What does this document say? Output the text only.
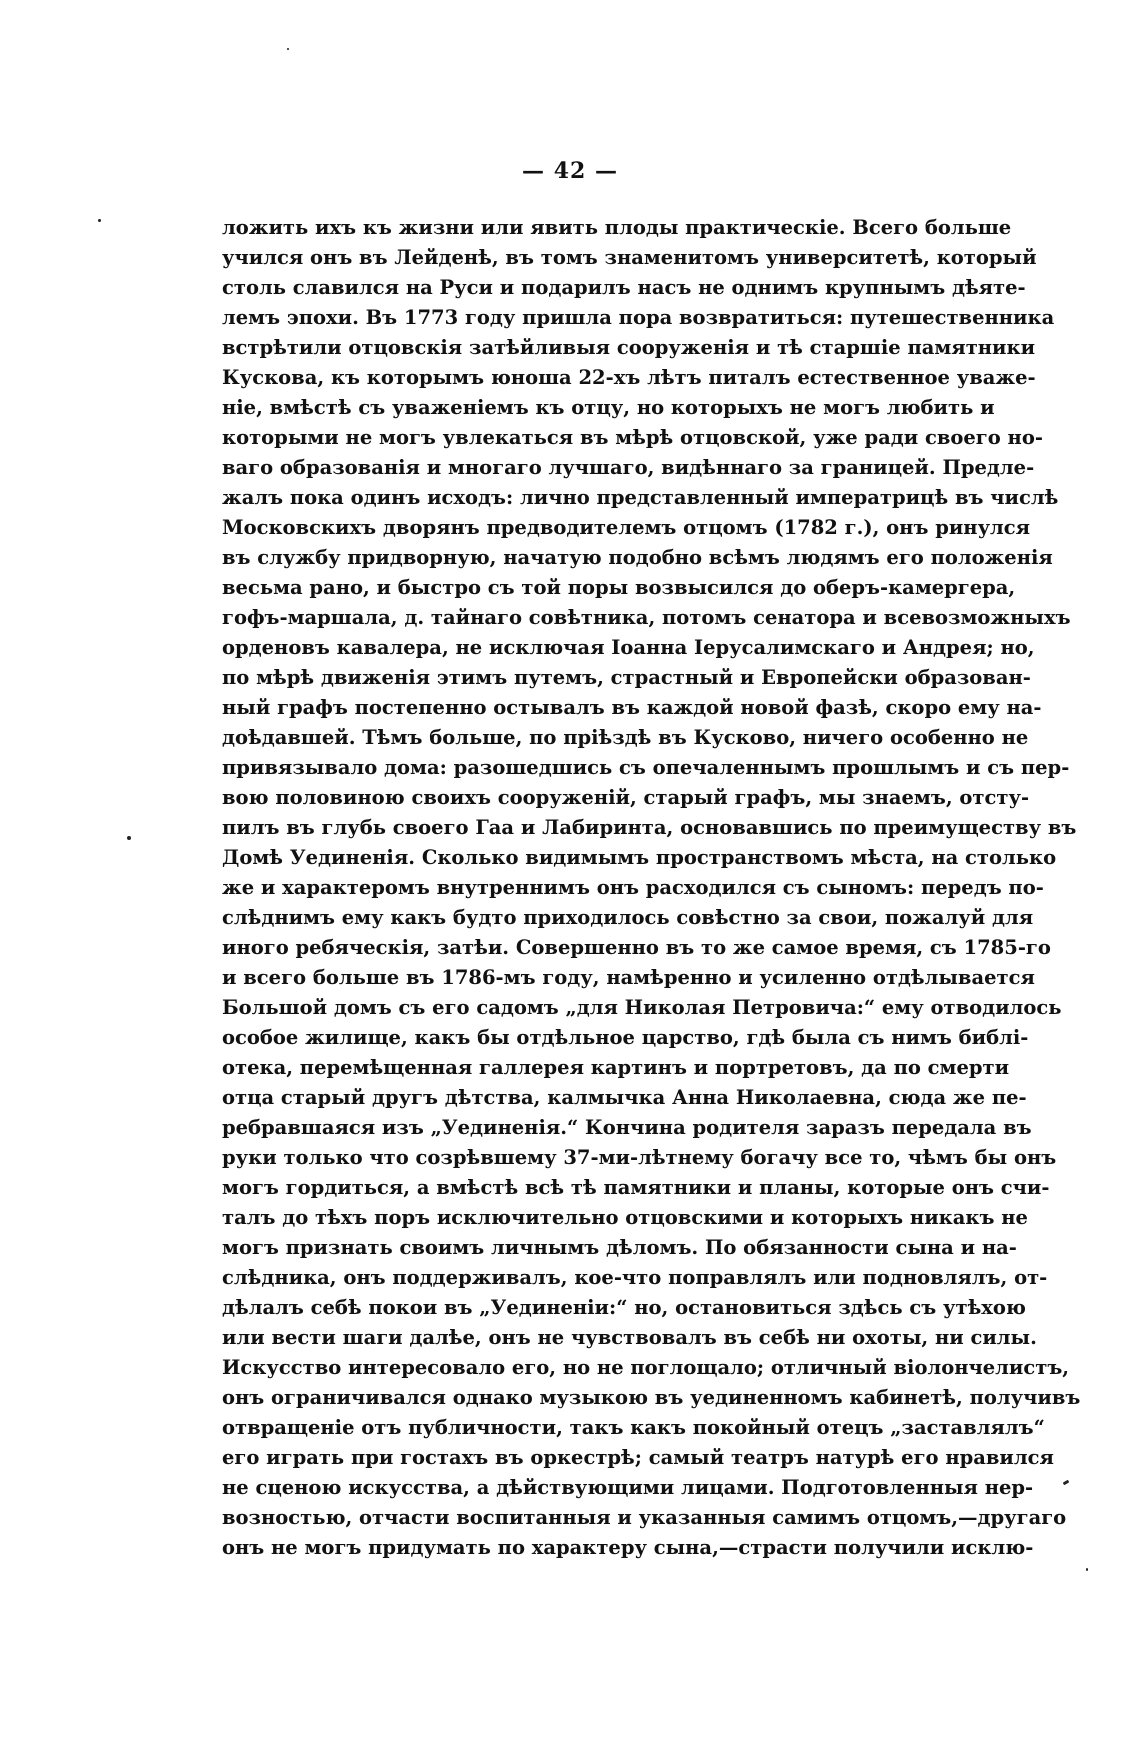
— 42 —
ложить ихъ къ жизни или явить плоды практическіе. Всего больше
учился онъ въ Лейденѣ, въ томъ знаменитомъ университетѣ, который
столь славился на Руси и подарилъ насъ не однимъ крупнымъ дѣяте-
лемъ эпохи. Въ 1773 году пришла пора возвратиться: путешественника
встрѣтили отцовскія затѣйливыя сооруженія и тѣ старшіе памятники
Кускова, къ которымъ юноша 22-хъ лѣтъ питалъ естественное уваже-
ніе, вмѣстѣ съ уваженіемъ къ отцу, но которыхъ не могъ любить и
которыми не могъ увлекаться въ мѣрѣ отцовской, уже ради своего но-
ваго образованія и многаго лучшаго, видѣннаго за границей. Предле-
жалъ пока одинъ исходъ: лично представленный императрицѣ въ числѣ
Московскихъ дворянъ предводителемъ отцомъ (1782 г.), онъ ринулся
въ службу придворную, начатую подобно всѣмъ людямъ его положенія
весьма рано, и быстро съ той поры возвысился до оберъ-камергера,
гофъ-маршала, д. тайнаго совѣтника, потомъ сенатора и всевозможныхъ
орденовъ кавалера, не исключая Іоанна Іерусалимскаго и Андрея; но,
по мѣрѣ движенія этимъ путемъ, страстный и Европейски образован-
ный графъ постепенно остывалъ въ каждой новой фазѣ, скоро ему на-
доѣдавшей. Тѣмъ больше, по пріѣздѣ въ Кусково, ничего особенно не
привязывало дома: разошедшись съ опечаленнымъ прошлымъ и съ пер-
вою половиною своихъ сооруженій, старый графъ, мы знаемъ, отсту-
пилъ въ глубь своего Гаа и Лабиринта, основавшись по преимуществу въ
Домѣ Уединенія. Сколько видимымъ пространствомъ мѣста, на столько
же и характеромъ внутреннимъ онъ расходился съ сыномъ: передъ по-
слѣднимъ ему какъ будто приходилось совѣстно за свои, пожалуй для
иного ребяческія, затѣи. Совершенно въ то же самое время, съ 1785-го
и всего больше въ 1786-мъ году, намѣренно и усиленно отдѣлывается
Большой домъ съ его садомъ „для Николая Петровича:“ ему отводилось
особое жилище, какъ бы отдѣльное царство, гдѣ была съ нимъ библі-
отека, перемѣщенная галлерея картинъ и портретовъ, да по смерти
отца старый другъ дѣтства, калмычка Анна Николаевна, сюда же пе-
ребравшаяся изъ „Уединенія.“ Кончина родителя заразъ передала въ
руки только что созрѣвшему 37-ми-лѣтнему богачу все то, чѣмъ бы онъ
могъ гордиться, а вмѣстѣ всѣ тѣ памятники и планы, которые онъ счи-
талъ до тѣхъ поръ исключительно отцовскими и которыхъ никакъ не
могъ признать своимъ личнымъ дѣломъ. По обязанности сына и на-
слѣдника, онъ поддерживалъ, кое-что поправлялъ или подновлялъ, от-
дѣлалъ себѣ покои въ „Уединеніи:“ но, остановиться здѣсь съ утѣхою
или вести шаги далѣе, онъ не чувствовалъ въ себѣ ни охоты, ни силы.
Искусство интересовало его, но не поглощало; отличный віолончелистъ,
онъ ограничивался однако музыкою въ уединенномъ кабинетѣ, получивъ
отвращеніе отъ публичности, такъ какъ покойный отецъ „заставлялъ“
его играть при гостахъ въ оркестрѣ; самый театръ натурѣ его нравился
не сценою искусства, а дѣйствующими лицами. Подготовленныя нер-
возностью, отчасти воспитанныя и указанныя самимъ отцомъ,—другаго
онъ не могъ придумать по характеру сына,—страсти получили исклю-
